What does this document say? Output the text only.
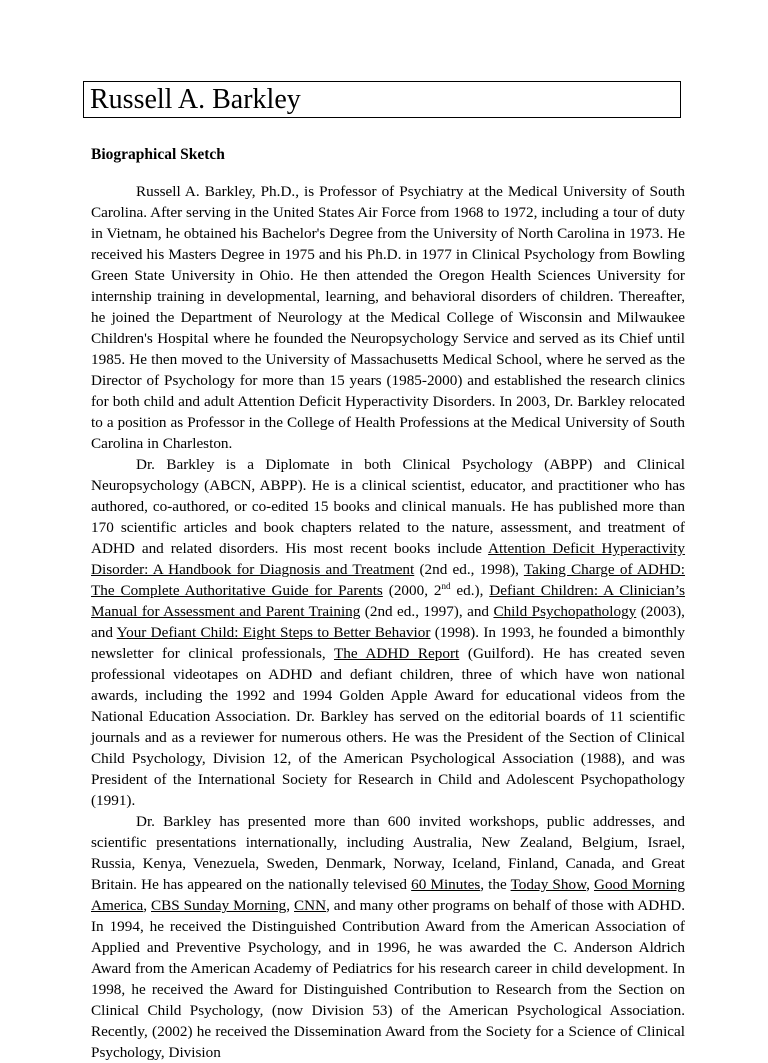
Russell A. Barkley
Biographical Sketch

Russell A. Barkley, Ph.D., is Professor of Psychiatry at the Medical University of South Carolina. After serving in the United States Air Force from 1968 to 1972, including a tour of duty in Vietnam, he obtained his Bachelor's Degree from the University of North Carolina in 1973. He received his Masters Degree in 1975 and his Ph.D. in 1977 in Clinical Psychology from Bowling Green State University in Ohio. He then attended the Oregon Health Sciences University for internship training in developmental, learning, and behavioral disorders of children. Thereafter, he joined the Department of Neurology at the Medical College of Wisconsin and Milwaukee Children's Hospital where he founded the Neuropsychology Service and served as its Chief until 1985. He then moved to the University of Massachusetts Medical School, where he served as the Director of Psychology for more than 15 years (1985-2000) and established the research clinics for both child and adult Attention Deficit Hyperactivity Disorders. In 2003, Dr. Barkley relocated to a position as Professor in the College of Health Professions at the Medical University of South Carolina in Charleston.

Dr. Barkley is a Diplomate in both Clinical Psychology (ABPP) and Clinical Neuropsychology (ABCN, ABPP). He is a clinical scientist, educator, and practitioner who has authored, co-authored, or co-edited 15 books and clinical manuals. He has published more than 170 scientific articles and book chapters related to the nature, assessment, and treatment of ADHD and related disorders. His most recent books include Attention Deficit Hyperactivity Disorder: A Handbook for Diagnosis and Treatment (2nd ed., 1998), Taking Charge of ADHD: The Complete Authoritative Guide for Parents (2000, 2nd ed.), Defiant Children: A Clinician’s Manual for Assessment and Parent Training (2nd ed., 1997), and Child Psychopathology (2003), and Your Defiant Child: Eight Steps to Better Behavior (1998). In 1993, he founded a bimonthly newsletter for clinical professionals, The ADHD Report (Guilford). He has created seven professional videotapes on ADHD and defiant children, three of which have won national awards, including the 1992 and 1994 Golden Apple Award for educational videos from the National Education Association. Dr. Barkley has served on the editorial boards of 11 scientific journals and as a reviewer for numerous others. He was the President of the Section of Clinical Child Psychology, Division 12, of the American Psychological Association (1988), and was President of the International Society for Research in Child and Adolescent Psychopathology (1991).

Dr. Barkley has presented more than 600 invited workshops, public addresses, and scientific presentations internationally, including Australia, New Zealand, Belgium, Israel, Russia, Kenya, Venezuela, Sweden, Denmark, Norway, Iceland, Finland, Canada, and Great Britain. He has appeared on the nationally televised 60 Minutes, the Today Show, Good Morning America, CBS Sunday Morning, CNN, and many other programs on behalf of those with ADHD. In 1994, he received the Distinguished Contribution Award from the American Association of Applied and Preventive Psychology, and in 1996, he was awarded the C. Anderson Aldrich Award from the American Academy of Pediatrics for his research career in child development. In 1998, he received the Award for Distinguished Contribution to Research from the Section on Clinical Child Psychology, (now Division 53) of the American Psychological Association. Recently, (2002) he received the Dissemination Award from the Society for a Science of Clinical Psychology, Division
